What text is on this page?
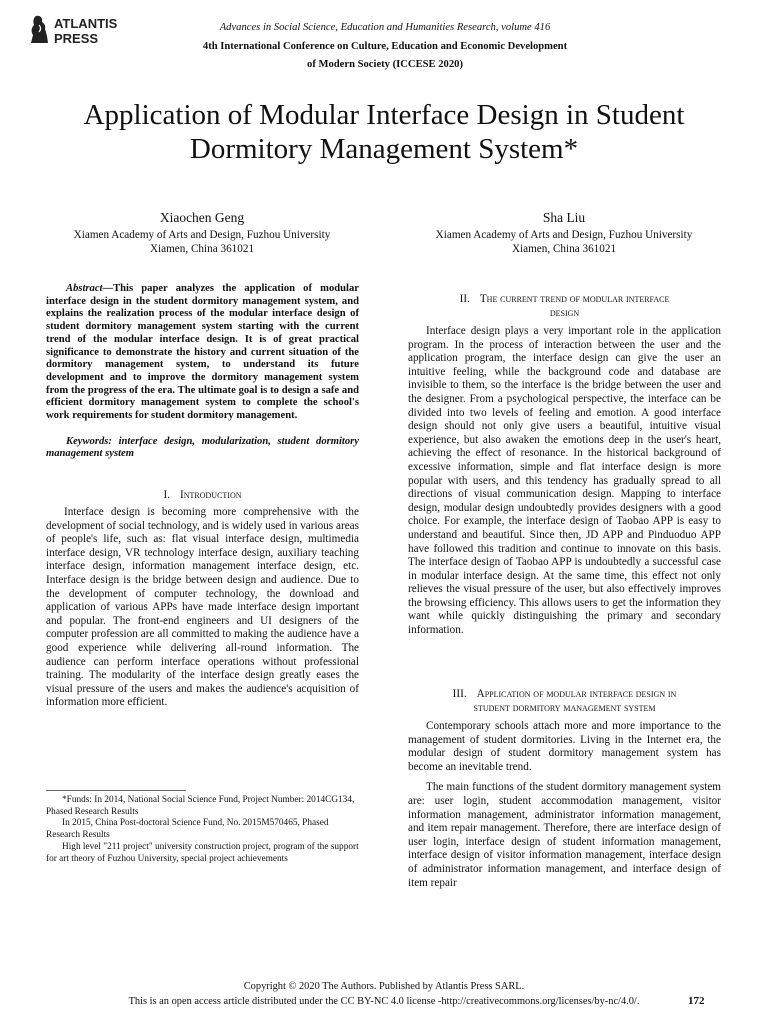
ATLANTIS
PRESS
Advances in Social Science, Education and Humanities Research, volume 416
4th International Conference on Culture, Education and Economic Development
of Modern Society (ICCESE 2020)
Application of Modular Interface Design in Student
Dormitory Management System*
Xiaochen Geng
Xiamen Academy of Arts and Design, Fuzhou University
Xiamen, China 361021
Sha Liu
Xiamen Academy of Arts and Design, Fuzhou University
Xiamen, China 361021

Abstract—This paper analyzes the application of modular interface design in the student dormitory management system, and explains the realization process of the modular interface design of student dormitory management system starting with the current trend of the modular interface design. It is of great practical significance to demonstrate the history and current situation of the dormitory management system, to understand its future development and to improve the dormitory management system from the progress of the era. The ultimate goal is to design a safe and efficient dormitory management system to complete the school's work requirements for student dormitory management.

Keywords: interface design, modularization, student dormitory management system

I. Introduction

Interface design is becoming more comprehensive with the development of social technology, and is widely used in various areas of people's life, such as: flat visual interface design, multimedia interface design, VR technology interface design, auxiliary teaching interface design, information management interface design, etc. Interface design is the bridge between design and audience. Due to the development of computer technology, the download and application of various APPs have made interface design important and popular. The front-end engineers and UI designers of the computer profession are all committed to making the audience have a good experience while delivering all-round information. The audience can perform interface operations without professional training. The modularity of the interface design greatly eases the visual pressure of the users and makes the audience's acquisition of information more efficient.

*Funds: In 2014, National Social Science Fund, Project Number: 2014CG134, Phased Research Results

In 2015, China Post-doctoral Science Fund, No. 2015M570465, Phased Research Results

High level "211 project" university construction project, program of the support for art theory of Fuzhou University, special project achievements

II. The current trend of modular interface
design

Interface design plays a very important role in the application program. In the process of interaction between the user and the application program, the interface design can give the user an intuitive feeling, while the background code and database are invisible to them, so the interface is the bridge between the user and the designer. From a psychological perspective, the interface can be divided into two levels of feeling and emotion. A good interface design should not only give users a beautiful, intuitive visual experience, but also awaken the emotions deep in the user's heart, achieving the effect of resonance. In the historical background of excessive information, simple and flat interface design is more popular with users, and this tendency has gradually spread to all directions of visual communication design. Mapping to interface design, modular design undoubtedly provides designers with a good choice. For example, the interface design of Taobao APP is easy to understand and beautiful. Since then, JD APP and Pinduoduo APP have followed this tradition and continue to innovate on this basis. The interface design of Taobao APP is undoubtedly a successful case in modular interface design. At the same time, this effect not only relieves the visual pressure of the user, but also effectively improves the browsing efficiency. This allows users to get the information they want while quickly distinguishing the primary and secondary information.

III. Application of modular interface design in
student dormitory management system

Contemporary schools attach more and more importance to the management of student dormitories. Living in the Internet era, the modular design of student dormitory management system has become an inevitable trend.

The main functions of the student dormitory management system are: user login, student accommodation management, visitor information management, administrator information management, and item repair management. Therefore, there are interface design of user login, interface design of student information management, interface design of visitor information management, interface design of administrator information management, and interface design of item repair

Copyright © 2020 The Authors. Published by Atlantis Press SARL.
This is an open access article distributed under the CC BY-NC 4.0 license -http://creativecommons.org/licenses/by-nc/4.0/.	172
